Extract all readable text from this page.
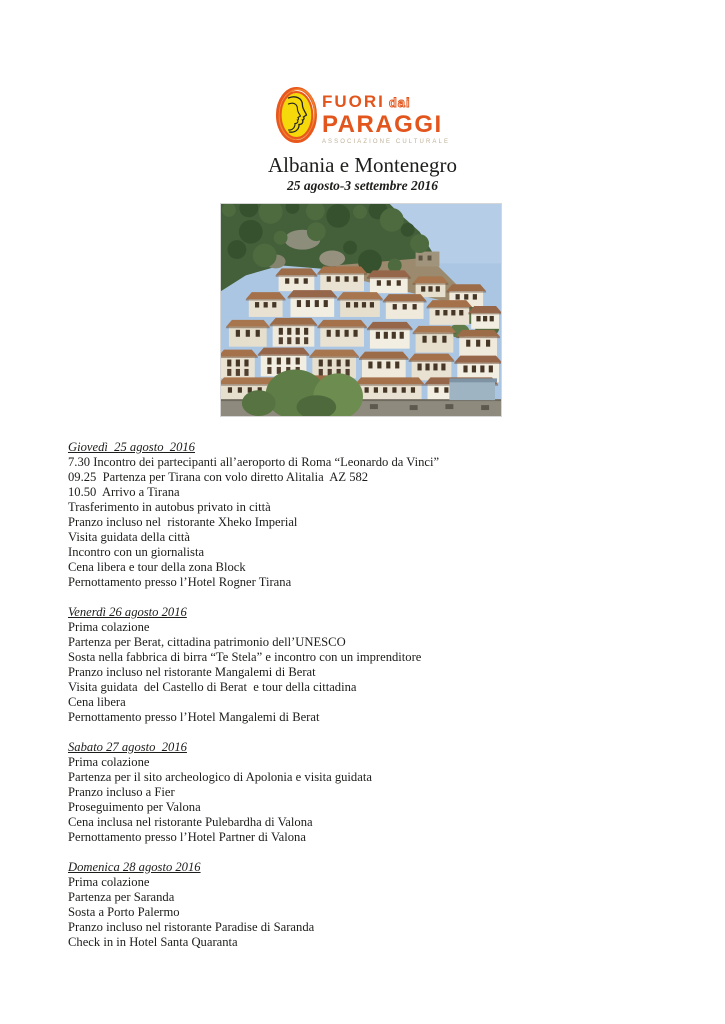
FUORI dai
PARAGGI
ASSOCIAZIONE CULTURALE
Albania e Montenegro
25 agosto-3 settembre 2016
Giovedì  25 agosto  2016

7.30 Incontro dei partecipanti all’aeroporto di Roma “Leonardo da Vinci”

09.25  Partenza per Tirana con volo diretto Alitalia  AZ 582

10.50  Arrivo a Tirana

Trasferimento in autobus privato in città

Pranzo incluso nel  ristorante Xheko Imperial

Visita guidata della città

Incontro con un giornalista

Cena libera e tour della zona Block

Pernottamento presso l’Hotel Rogner Tirana

Venerdì 26 agosto 2016

Prima colazione

Partenza per Berat, cittadina patrimonio dell’UNESCO

Sosta nella fabbrica di birra “Te Stela” e incontro con un imprenditore

Pranzo incluso nel ristorante Mangalemi di Berat

Visita guidata  del Castello di Berat  e tour della cittadina

Cena libera

Pernottamento presso l’Hotel Mangalemi di Berat

Sabato 27 agosto  2016

Prima colazione

Partenza per il sito archeologico di Apolonia e visita guidata

Pranzo incluso a Fier

Proseguimento per Valona

Cena inclusa nel ristorante Pulebardha di Valona

Pernottamento presso l’Hotel Partner di Valona

Domenica 28 agosto 2016

Prima colazione

Partenza per Saranda

Sosta a Porto Palermo

Pranzo incluso nel ristorante Paradise di Saranda

Check in in Hotel Santa Quaranta
